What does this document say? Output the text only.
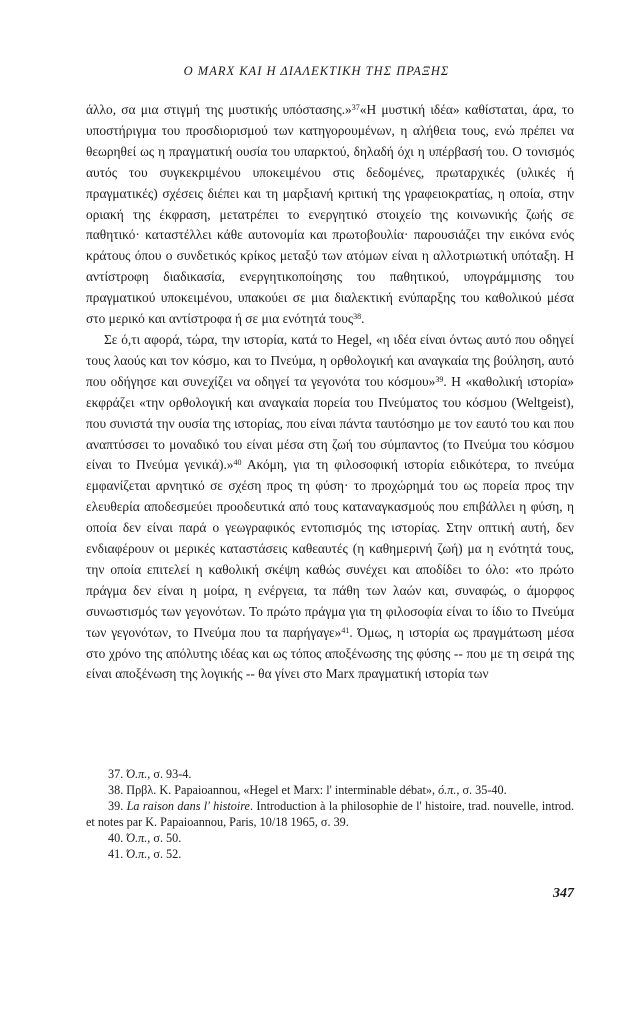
Ο MARX ΚΑΙ Η ΔΙΑΛΕΚΤΙΚΗ ΤΗΣ ΠΡΑΞΗΣ

άλλο, σα μια στιγμή της μυστικής υπόστασης.»$^{37}$«Η μυστική ιδέα» καθίσταται, άρα, το υποστήριγμα του προσδιορισμού των κατηγορουμένων, η αλήθεια τους, ενώ πρέπει να θεωρηθεί ως η πραγματική ουσία του υπαρκτού, δηλαδή όχι η υπέρβασή του. Ο τονισμός αυτός του συγκεκριμένου υποκειμένου στις δεδομένες, πρωταρχικές (υλικές ή πραγματικές) σχέσεις διέπει και τη μαρξιανή κριτική της γραφειοκρατίας, η οποία, στην οριακή της έκφραση, μετατρέπει το ενεργητικό στοιχείο της κοινωνικής ζωής σε παθητικό· καταστέλλει κάθε αυτονομία και πρωτοβουλία· παρουσιάζει την εικόνα ενός κράτους όπου ο συνδετικός κρίκος μεταξύ των ατόμων είναι η αλλοτριωτική υπόταξη. Η αντίστροφη διαδικασία, ενεργητικοποίησης του παθητικού, υπογράμμισης του πραγματικού υποκειμένου, υπακούει σε μια διαλεκτική ενύπαρξης του καθολικού μέσα στο μερικό και αντίστροφα ή σε μια ενότητά τους$^{38}$.

Σε ό,τι αφορά, τώρα, την ιστορία, κατά το Hegel, «η ιδέα είναι όντως αυτό που οδηγεί τους λαούς και τον κόσμο, και το Πνεύμα, η ορθολογική και αναγκαία της βούληση, αυτό που οδήγησε και συνεχίζει να οδηγεί τα γεγονότα του κόσμου»$^{39}$. Η «καθολική ιστορία» εκφράζει «την ορθολογική και αναγκαία πορεία του Πνεύματος του κόσμου (Weltgeist), που συνιστά την ουσία της ιστορίας, που είναι πάντα ταυτόσημο με τον εαυτό του και που αναπτύσσει το μοναδικό του είναι μέσα στη ζωή του σύμπαντος (το Πνεύμα του κόσμου είναι το Πνεύμα γενικά).»$^{40}$ Ακόμη, για τη φιλοσοφική ιστορία ειδικότερα, το πνεύμα εμφανίζεται αρνητικό σε σχέση προς τη φύση· το προχώρημά του ως πορεία προς την ελευθερία αποδεσμεύει προοδευτικά από τους καταναγκασμούς που επιβάλλει η φύση, η οποία δεν είναι παρά ο γεωγραφικός εντοπισμός της ιστορίας. Στην οπτική αυτή, δεν ενδιαφέρουν οι μερικές καταστάσεις καθεαυτές (η καθημερινή ζωή) μα η ενότητά τους, την οποία επιτελεί η καθολική σκέψη καθώς συνέχει και αποδίδει το όλο: «το πρώτο πράγμα δεν είναι η μοίρα, η ενέργεια, τα πάθη των λαών και, συναφώς, ο άμορφος συνωστισμός των γεγονότων. Το πρώτο πράγμα για τη φιλοσοφία είναι το ίδιο το Πνεύμα των γεγονότων, το Πνεύμα που τα παρήγαγε»$^{41}$. Όμως, η ιστορία ως πραγμάτωση μέσα στο χρόνο της απόλυτης ιδέας και ως τόπος αποξένωσης της φύσης -- που με τη σειρά της είναι αποξένωση της λογικής -- θα γίνει στο Marx πραγματική ιστορία των

37. Ό.π., σ. 93-4.

38. Πρβλ. K. Papaioannou, «Hegel et Marx: l' interminable débat», ό.π., σ. 35-40.

39. La raison dans l' histoire. Introduction à la philosophie de l' histoire, trad. nouvelle, introd. et notes par K. Papaioannou, Paris, 10/18 1965, σ. 39.

40. Ό.π., σ. 50.

41. Ό.π., σ. 52.

347
